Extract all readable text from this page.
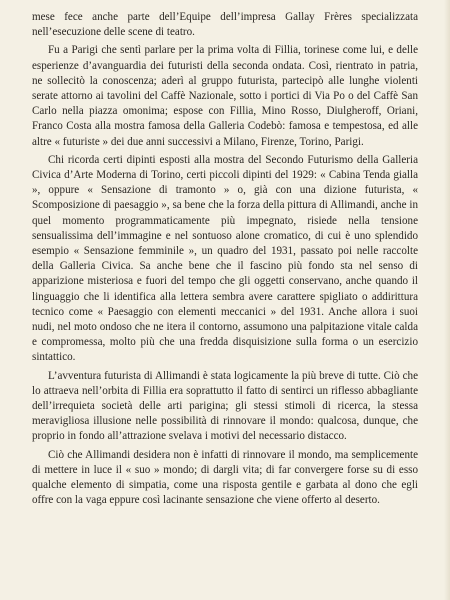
mese fece anche parte dell’Equipe dell’impresa Gallay Frères specializzata nell’esecuzione delle scene di teatro.

Fu a Parigi che sentì parlare per la prima volta di Fillia, torinese come lui, e delle esperienze d’avanguardia dei futuristi della seconda ondata. Così, rientrato in patria, ne sollecitò la conoscenza; aderì al gruppo futurista, partecipò alle lunghe violenti serate attorno ai tavolini del Caffè Nazionale, sotto i portici di Via Po o del Caffè San Carlo nella piazza omonima; espose con Fillia, Mino Rosso, Diulgheroff, Oriani, Franco Costa alla mostra famosa della Galleria Codebò: famosa e tempestosa, ed alle altre « futuriste » dei due anni successivi a Milano, Firenze, Torino, Parigi.

Chi ricorda certi dipinti esposti alla mostra del Secondo Futurismo della Galleria Civica d’Arte Moderna di Torino, certi piccoli dipinti del 1929: « Cabina Tenda gialla », oppure « Sensazione di tramonto » o, già con una dizione futurista, « Scomposizione di paesaggio », sa bene che la forza della pittura di Allimandi, anche in quel momento programmaticamente più impegnato, risiede nella tensione sensualissima dell’immagine e nel sontuoso alone cromatico, di cui è uno splendido esempio « Sensazione femminile », un quadro del 1931, passato poi nelle raccolte della Galleria Civica. Sa anche bene che il fascino più fondo sta nel senso di apparizione misteriosa e fuori del tempo che gli oggetti conservano, anche quando il linguaggio che li identifica alla lettera sembra avere carattere spigliato o addirittura tecnico come « Paesaggio con elementi meccanici » del 1931. Anche allora i suoi nudi, nel moto ondoso che ne itera il contorno, assumono una palpitazione vitale calda e compromessa, molto più che una fredda disquisizione sulla forma o un esercizio sintattico.

L’avventura futurista di Allimandi è stata logicamente la più breve di tutte. Ciò che lo attraeva nell’orbita di Fillia era soprattutto il fatto di sentirci un riflesso abbagliante dell’irrequieta società delle arti parigina; gli stessi stimoli di ricerca, la stessa meravigliosa illusione nelle possibilità di rinnovare il mondo: qualcosa, dunque, che proprio in fondo all’attrazione svelava i motivi del necessario distacco.

Ciò che Allimandi desidera non è infatti di rinnovare il mondo, ma semplicemente di mettere in luce il « suo » mondo; di dargli vita; di far convergere forse su di esso qualche elemento di simpatia, come una risposta gentile e garbata al dono che egli offre con la vaga eppure così lacinante sensazione che viene offerto al deserto.
